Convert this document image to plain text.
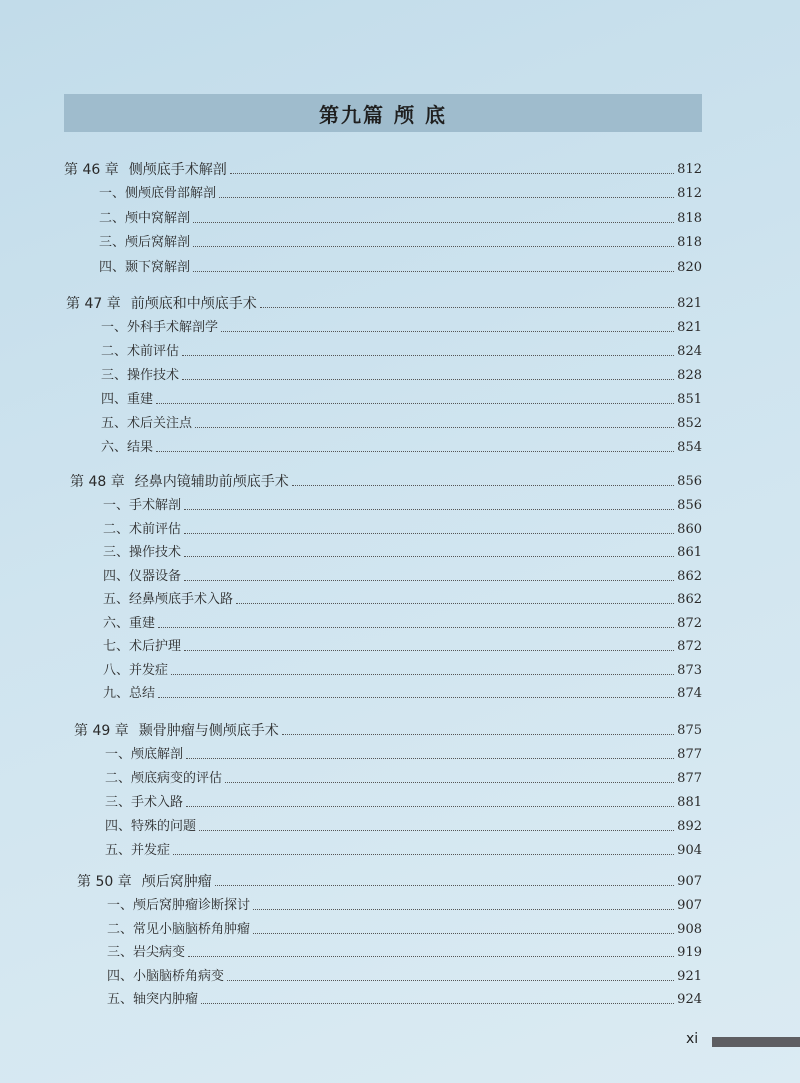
第九篇 颅 底
第 46 章 侧颅底手术解剖	812
一、侧颅底骨部解剖	812
二、颅中窝解剖	818
三、颅后窝解剖	818
四、颞下窝解剖	820
第 47 章 前颅底和中颅底手术	821
一、外科手术解剖学	821
二、术前评估	824
三、操作技术	828
四、重建	851
五、术后关注点	852
六、结果	854
第 48 章 经鼻内镜辅助前颅底手术	856
一、手术解剖	856
二、术前评估	860
三、操作技术	861
四、仪器设备	862
五、经鼻颅底手术入路	862
六、重建	872
七、术后护理	872
八、并发症	873
九、总结	874
第 49 章 颞骨肿瘤与侧颅底手术	875
一、颅底解剖	877
二、颅底病变的评估	877
三、手术入路	881
四、特殊的问题	892
五、并发症	904
第 50 章 颅后窝肿瘤	907
一、颅后窝肿瘤诊断探讨	907
二、常见小脑脑桥角肿瘤	908
三、岩尖病变	919
四、小脑脑桥角病变	921
五、轴突内肿瘤	924
xi
